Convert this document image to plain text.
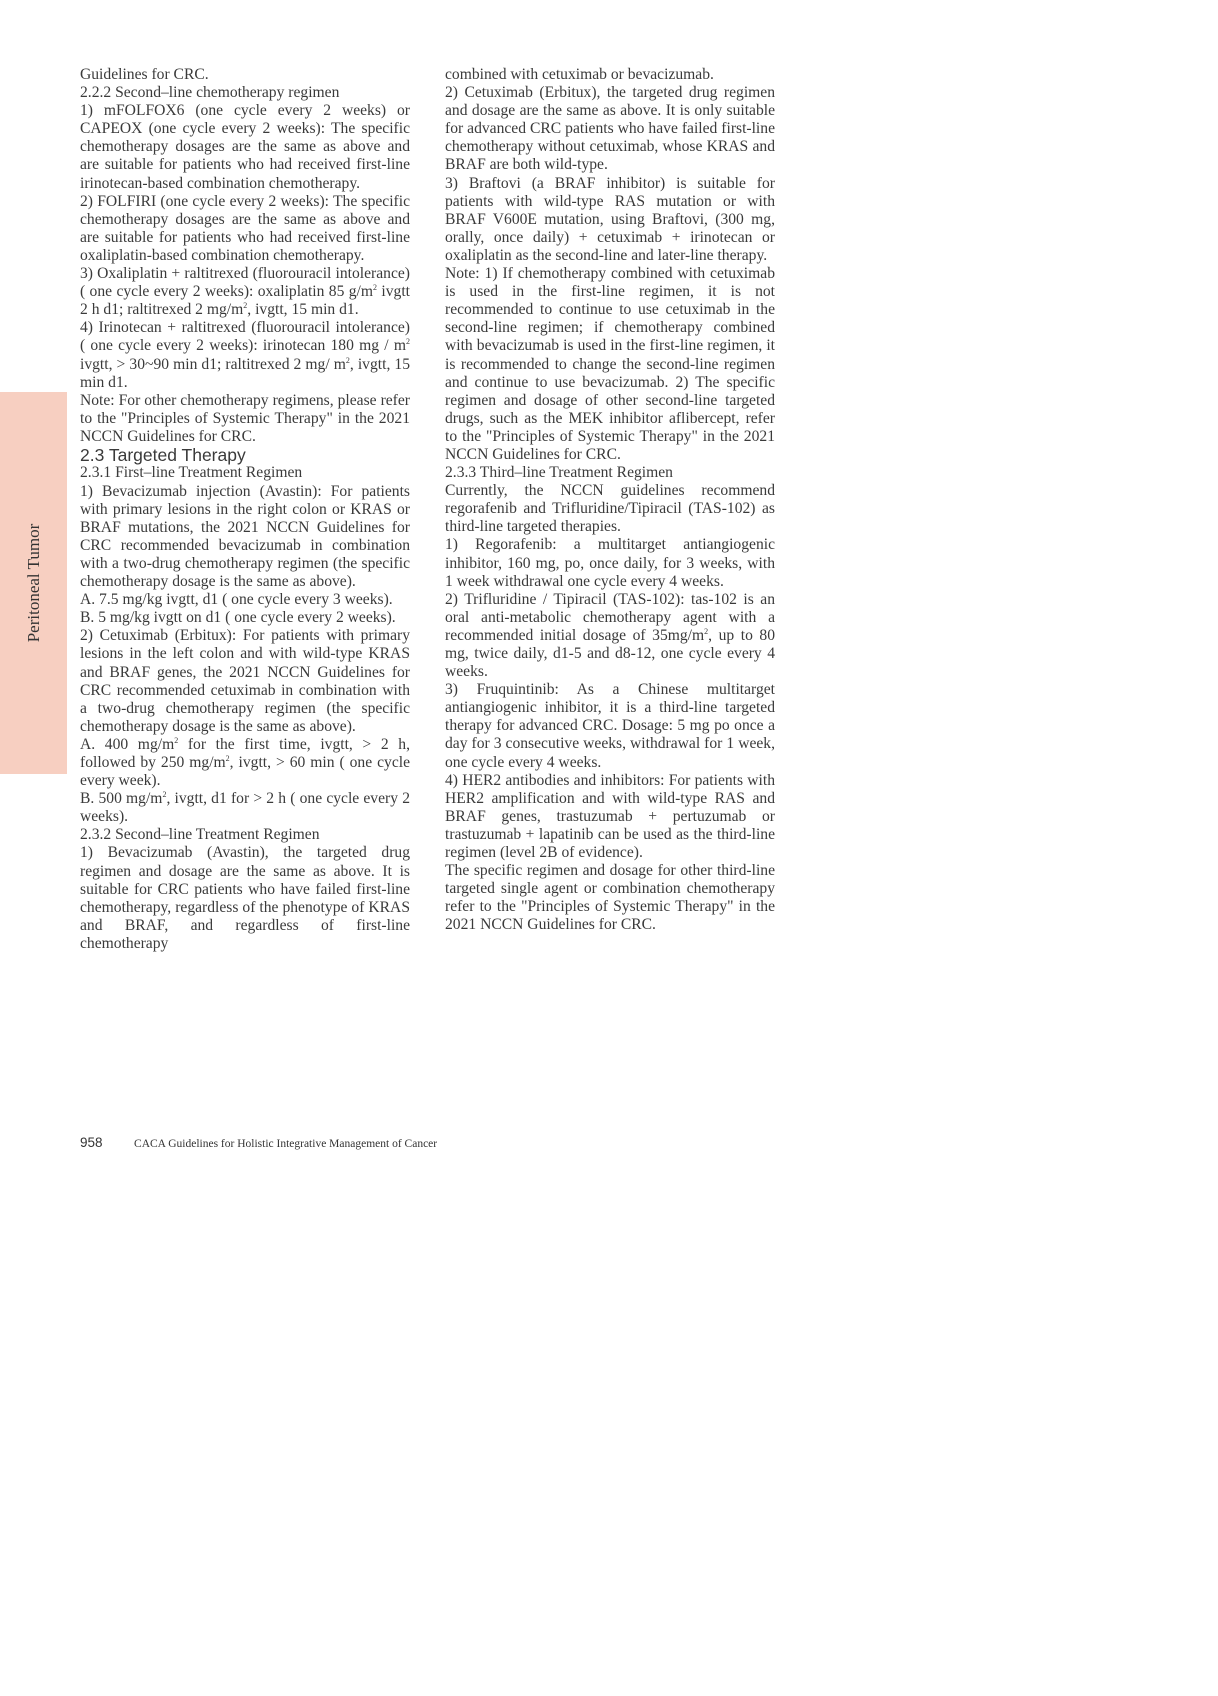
Peritoneal Tumor

Guidelines for CRC.

2.2.2 Second–line chemotherapy regimen

1) mFOLFOX6 (one cycle every 2 weeks) or CAPEOX (one cycle every 2 weeks): The specific chemotherapy dosages are the same as above and are suitable for patients who had received first-line irinotecan-based combination chemotherapy.

2) FOLFIRI (one cycle every 2 weeks): The specific chemotherapy dosages are the same as above and are suitable for patients who had received first-line oxaliplatin-based combination chemotherapy.

3) Oxaliplatin + raltitrexed (fluorouracil intolerance) ( one cycle every 2 weeks): oxaliplatin 85 $g/m^2$ ivgtt 2 h d1; raltitrexed 2 $mg/m^2$, ivgtt, 15 min d1.

4) Irinotecan + raltitrexed (fluorouracil intolerance) ( one cycle every 2 weeks): irinotecan 180 mg / $m^2$ ivgtt, > 30~90 min d1; raltitrexed 2 mg/ $m^2$, ivgtt, 15 min d1.

Note: For other chemotherapy regimens, please refer to the "Principles of Systemic Therapy" in the 2021 NCCN Guidelines for CRC.

2.3 Targeted Therapy

2.3.1 First–line Treatment Regimen

1) Bevacizumab injection (Avastin): For patients with primary lesions in the right colon or KRAS or BRAF mutations, the 2021 NCCN Guidelines for CRC recommended bevacizumab in combination with a two-drug chemotherapy regimen (the specific chemotherapy dosage is the same as above).

A. 7.5 mg/kg ivgtt, d1 ( one cycle every 3 weeks).

B. 5 mg/kg ivgtt on d1 ( one cycle every 2 weeks).

2) Cetuximab (Erbitux): For patients with primary lesions in the left colon and with wild-type KRAS and BRAF genes, the 2021 NCCN Guidelines for CRC recommended cetuximab in combination with a two-drug chemotherapy regimen (the specific chemotherapy dosage is the same as above).

A. 400 $mg/m^2$ for the first time, ivgtt, > 2 h, followed by 250 $mg/m^2$, ivgtt, > 60 min ( one cycle every week).

B. 500 $mg/m^2$, ivgtt, d1 for > 2 h ( one cycle every 2 weeks).

2.3.2 Second–line Treatment Regimen

1) Bevacizumab (Avastin), the targeted drug regimen and dosage are the same as above. It is suitable for CRC patients who have failed first-line chemotherapy, regardless of the phenotype of KRAS and BRAF, and regardless of first-line chemotherapy

combined with cetuximab or bevacizumab.

2) Cetuximab (Erbitux), the targeted drug regimen and dosage are the same as above. It is only suitable for advanced CRC patients who have failed first-line chemotherapy without cetuximab, whose KRAS and BRAF are both wild-type.

3) Braftovi (a BRAF inhibitor) is suitable for patients with wild-type RAS mutation or with BRAF V600E mutation, using Braftovi, (300 mg, orally, once daily) + cetuximab + irinotecan or oxaliplatin as the second-line and later-line therapy.

Note: 1) If chemotherapy combined with cetuximab is used in the first-line regimen, it is not recommended to continue to use cetuximab in the second-line regimen; if chemotherapy combined with bevacizumab is used in the first-line regimen, it is recommended to change the second-line regimen and continue to use bevacizumab. 2) The specific regimen and dosage of other second-line targeted drugs, such as the MEK inhibitor aflibercept, refer to the "Principles of Systemic Therapy" in the 2021 NCCN Guidelines for CRC.

2.3.3 Third–line Treatment Regimen

Currently, the NCCN guidelines recommend regorafenib and Trifluridine/Tipiracil (TAS-102) as third-line targeted therapies.

1) Regorafenib: a multitarget antiangiogenic inhibitor, 160 mg, po, once daily, for 3 weeks, with 1 week withdrawal one cycle every 4 weeks.

2) Trifluridine / Tipiracil (TAS-102): tas-102 is an oral anti-metabolic chemotherapy agent with a recommended initial dosage of $35mg/m^2$, up to 80 mg, twice daily, d1-5 and d8-12, one cycle every 4 weeks.

3) Fruquintinib: As a Chinese multitarget antiangiogenic inhibitor, it is a third-line targeted therapy for advanced CRC. Dosage: 5 mg po once a day for 3 consecutive weeks, withdrawal for 1 week, one cycle every 4 weeks.

4) HER2 antibodies and inhibitors: For patients with HER2 amplification and with wild-type RAS and BRAF genes, trastuzumab + pertuzumab or trastuzumab + lapatinib can be used as the third-line regimen (level 2B of evidence).

The specific regimen and dosage for other third-line targeted single agent or combination chemotherapy refer to the "Principles of Systemic Therapy" in the 2021 NCCN Guidelines for CRC.

958	CACA Guidelines for Holistic Integrative Management of Cancer
